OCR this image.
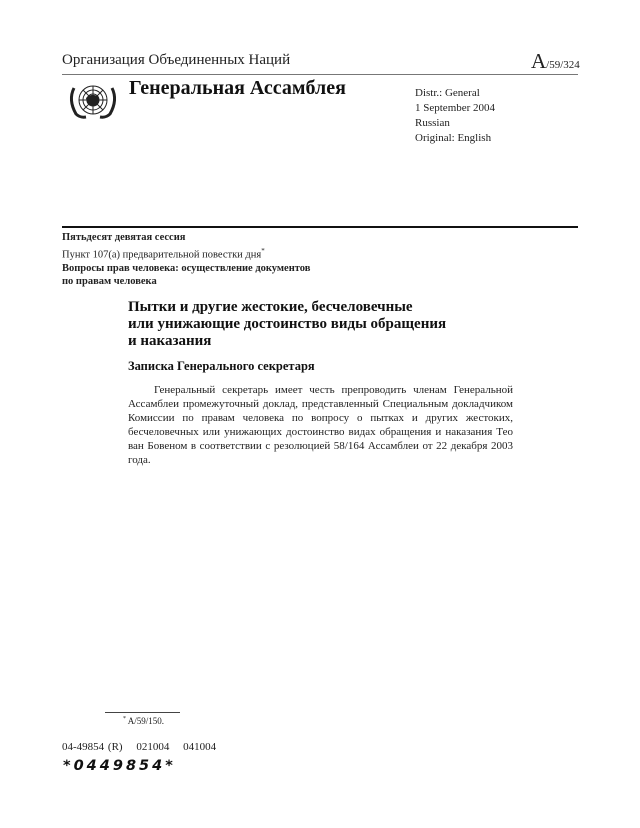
Организация Объединенных Наций	A/59/324
Генеральная Ассамблея	Distr.: General
1 September 2004
Russian
Original: English
Пятьдесят девятая сессия
Пункт 107(a) предварительной повестки дня*
Вопросы прав человека: осуществление документов
по правам человека
Пытки и другие жестокие, бесчеловечные
или унижающие достоинство виды обращения
и наказания
Записка Генерального секретаря
Генеральный секретарь имеет честь препроводить членам Генеральной Ассамблеи промежуточный доклад, представленный Специальным докладчиком Комиссии по правам человека по вопросу о пытках и других жестоких, бесчеловечных или унижающих достоинство видах обращения и наказания Тео ван Бовеном в соответствии с резолюцией 58/164 Ассамблеи от 22 декабря 2003 года.
* A/59/150.
04-49854 (R) 021004 041004
*0449854*
